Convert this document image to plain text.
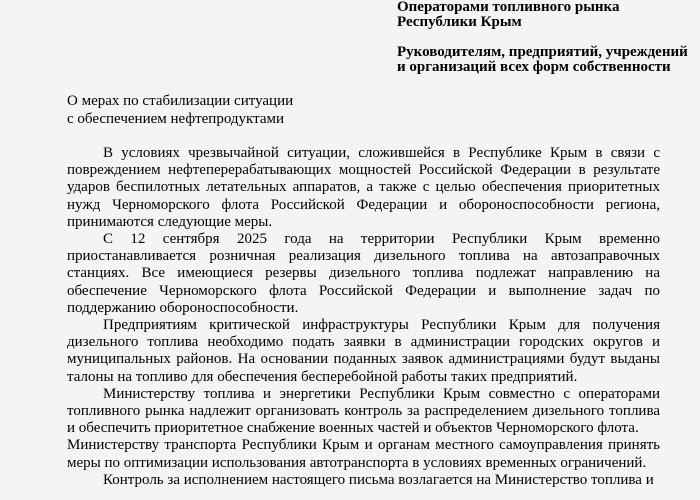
Операторами топливного рынка Республики Крым

Руководителям, предприятий, учреждений и организаций всех форм собственности

О мерах по стабилизации ситуации
с обеспечением нефтепродуктами

В условиях чрезвычайной ситуации, сложившейся в Республике Крым в связи с повреждением нефтеперерабатывающих мощностей Российской Федерации в результате ударов беспилотных летательных аппаратов, а также с целью обеспечения приоритетных нужд Черноморского флота Российской Федерации и обороноспособности региона, принимаются следующие меры.

С 12 сентября 2025 года на территории Республики Крым временно приостанавливается розничная реализация дизельного топлива на автозаправочных станциях. Все имеющиеся резервы дизельного топлива подлежат направлению на обеспечение Черноморского флота Российской Федерации и выполнение задач по поддержанию обороноспособности.

Предприятиям критической инфраструктуры Республики Крым для получения дизельного топлива необходимо подать заявки в администрации городских округов и муниципальных районов. На основании поданных заявок администрациями будут выданы талоны на топливо для обеспечения бесперебойной работы таких предприятий.

Министерству топлива и энергетики Республики Крым совместно с операторами топливного рынка надлежит организовать контроль за распределением дизельного топлива и обеспечить приоритетное снабжение военных частей и объектов Черноморского флота.

Министерству транспорта Республики Крым и органам местного самоуправления принять меры по оптимизации использования автотранспорта в условиях временных ограничений.

Контроль за исполнением настоящего письма возлагается на Министерство топлива и
